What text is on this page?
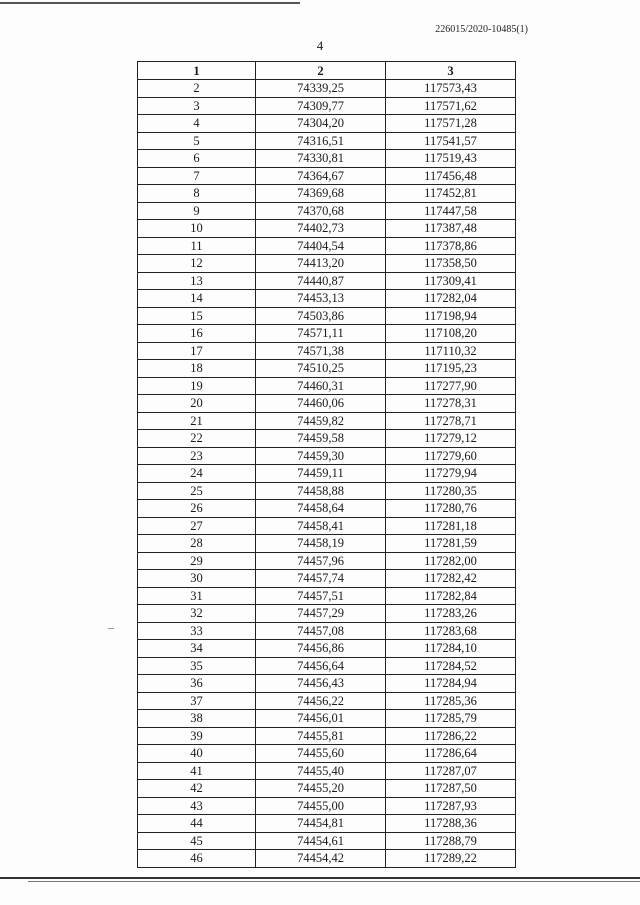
226015/2020-10485(1)
4
1	2	3
2	74339,25	117573,43
3	74309,77	117571,62
4	74304,20	117571,28
5	74316,51	117541,57
6	74330,81	117519,43
7	74364,67	117456,48
8	74369,68	117452,81
9	74370,68	117447,58
10	74402,73	117387,48
11	74404,54	117378,86
12	74413,20	117358,50
13	74440,87	117309,41
14	74453,13	117282,04
15	74503,86	117198,94
16	74571,11	117108,20
17	74571,38	117110,32
18	74510,25	117195,23
19	74460,31	117277,90
20	74460,06	117278,31
21	74459,82	117278,71
22	74459,58	117279,12
23	74459,30	117279,60
24	74459,11	117279,94
25	74458,88	117280,35
26	74458,64	117280,76
27	74458,41	117281,18
28	74458,19	117281,59
29	74457,96	117282,00
30	74457,74	117282,42
31	74457,51	117282,84
32	74457,29	117283,26
33	74457,08	117283,68
34	74456,86	117284,10
35	74456,64	117284,52
36	74456,43	117284,94
37	74456,22	117285,36
38	74456,01	117285,79
39	74455,81	117286,22
40	74455,60	117286,64
41	74455,40	117287,07
42	74455,20	117287,50
43	74455,00	117287,93
44	74454,81	117288,36
45	74454,61	117288,79
46	74454,42	117289,22
